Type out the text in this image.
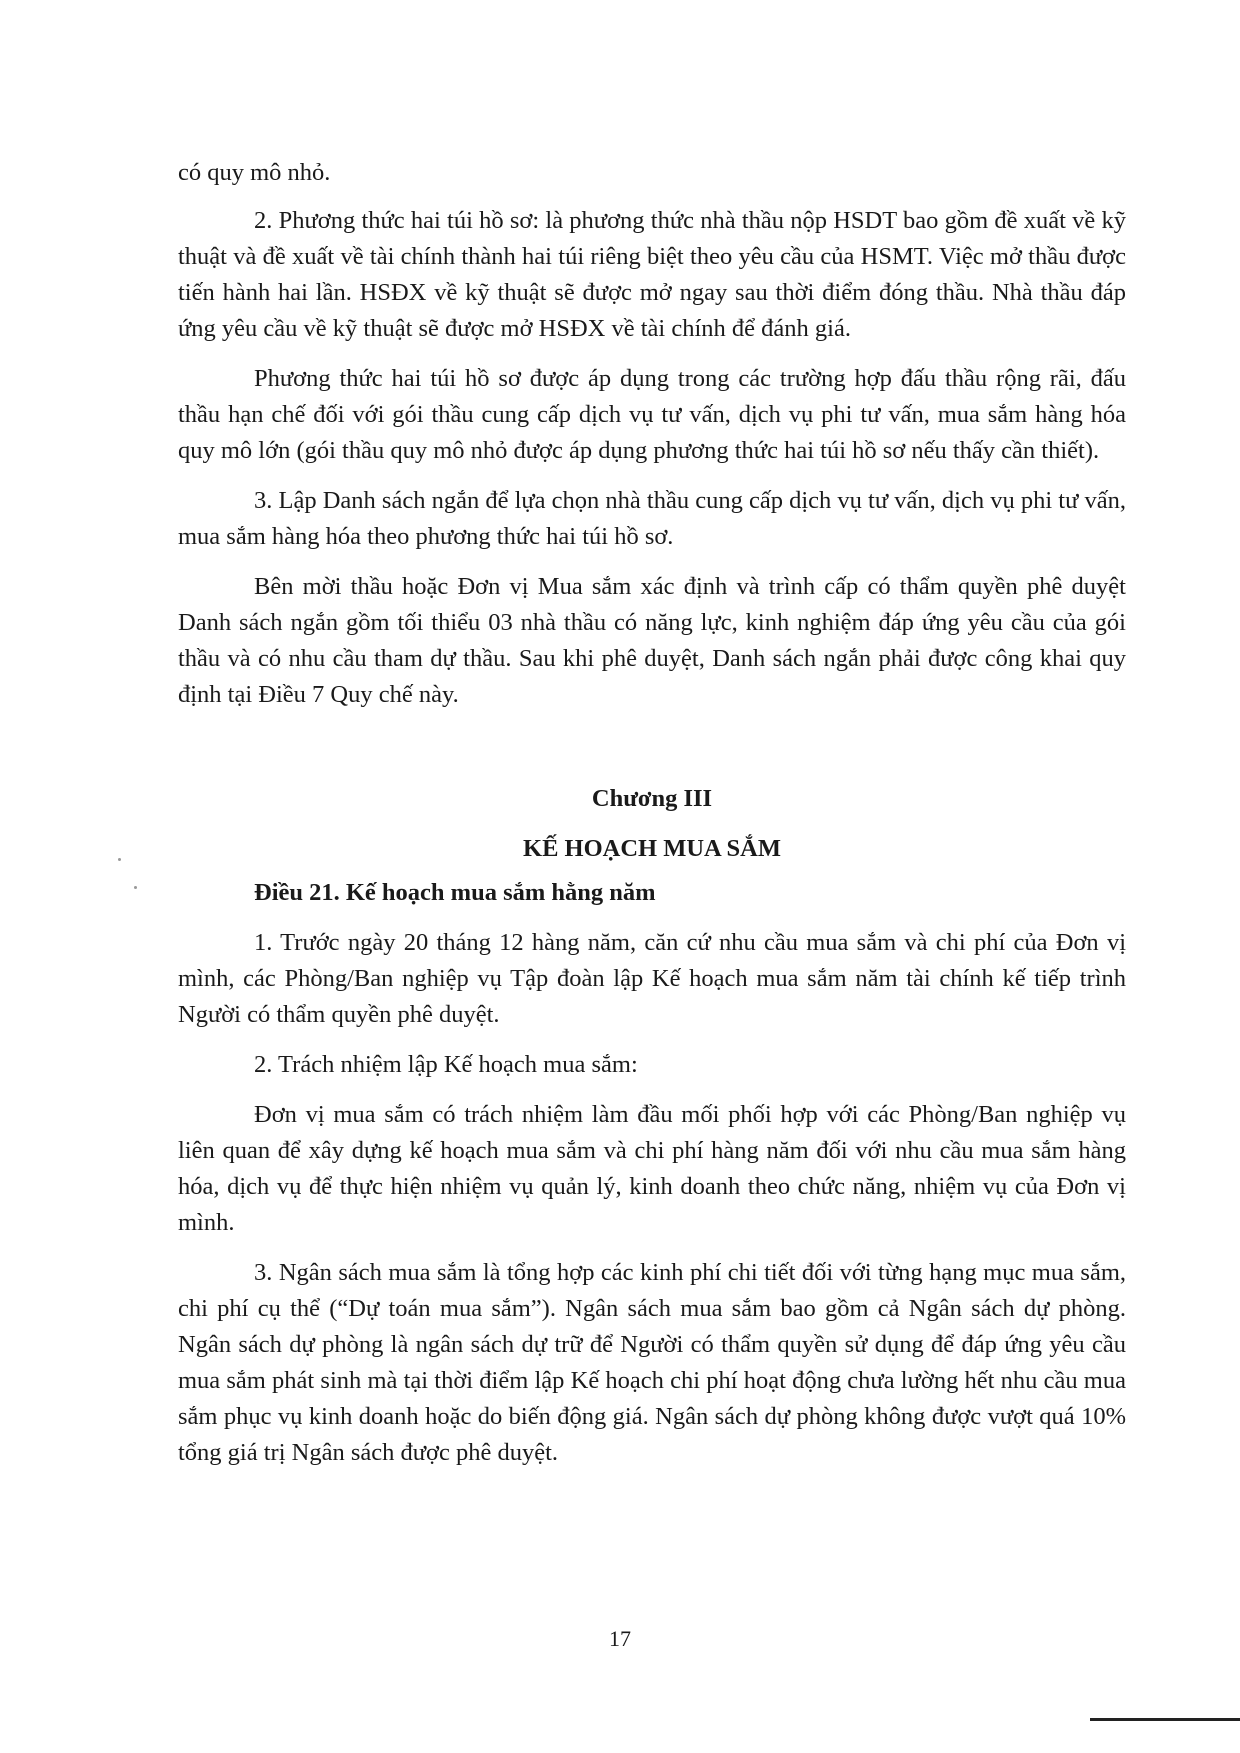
có quy mô nhỏ.

2. Phương thức hai túi hồ sơ: là phương thức nhà thầu nộp HSDT bao gồm đề xuất về kỹ thuật và đề xuất về tài chính thành hai túi riêng biệt theo yêu cầu của HSMT. Việc mở thầu được tiến hành hai lần. HSĐX về kỹ thuật sẽ được mở ngay sau thời điểm đóng thầu. Nhà thầu đáp ứng yêu cầu về kỹ thuật sẽ được mở HSĐX về tài chính để đánh giá.

Phương thức hai túi hồ sơ được áp dụng trong các trường hợp đấu thầu rộng rãi, đấu thầu hạn chế đối với gói thầu cung cấp dịch vụ tư vấn, dịch vụ phi tư vấn, mua sắm hàng hóa quy mô lớn (gói thầu quy mô nhỏ được áp dụng phương thức hai túi hồ sơ nếu thấy cần thiết).

3. Lập Danh sách ngắn để lựa chọn nhà thầu cung cấp dịch vụ tư vấn, dịch vụ phi tư vấn, mua sắm hàng hóa theo phương thức hai túi hồ sơ.

Bên mời thầu hoặc Đơn vị Mua sắm xác định và trình cấp có thẩm quyền phê duyệt Danh sách ngắn gồm tối thiểu 03 nhà thầu có năng lực, kinh nghiệm đáp ứng yêu cầu của gói thầu và có nhu cầu tham dự thầu. Sau khi phê duyệt, Danh sách ngắn phải được công khai quy định tại Điều 7 Quy chế này.

Chương III

KẾ HOẠCH MUA SẮM

Điều 21. Kế hoạch mua sắm hằng năm

1. Trước ngày 20 tháng 12 hàng năm, căn cứ nhu cầu mua sắm và chi phí của Đơn vị mình, các Phòng/Ban nghiệp vụ Tập đoàn lập Kế hoạch mua sắm năm tài chính kế tiếp trình Người có thẩm quyền phê duyệt.

2. Trách nhiệm lập Kế hoạch mua sắm:

Đơn vị mua sắm có trách nhiệm làm đầu mối phối hợp với các Phòng/Ban nghiệp vụ liên quan để xây dựng kế hoạch mua sắm và chi phí hàng năm đối với nhu cầu mua sắm hàng hóa, dịch vụ để thực hiện nhiệm vụ quản lý, kinh doanh theo chức năng, nhiệm vụ của Đơn vị mình.

3. Ngân sách mua sắm là tổng hợp các kinh phí chi tiết đối với từng hạng mục mua sắm, chi phí cụ thể (“Dự toán mua sắm”). Ngân sách mua sắm bao gồm cả Ngân sách dự phòng. Ngân sách dự phòng là ngân sách dự trữ để Người có thẩm quyền sử dụng để đáp ứng yêu cầu mua sắm phát sinh mà tại thời điểm lập Kế hoạch chi phí hoạt động chưa lường hết nhu cầu mua sắm phục vụ kinh doanh hoặc do biến động giá. Ngân sách dự phòng không được vượt quá 10% tổng giá trị Ngân sách được phê duyệt.

17
